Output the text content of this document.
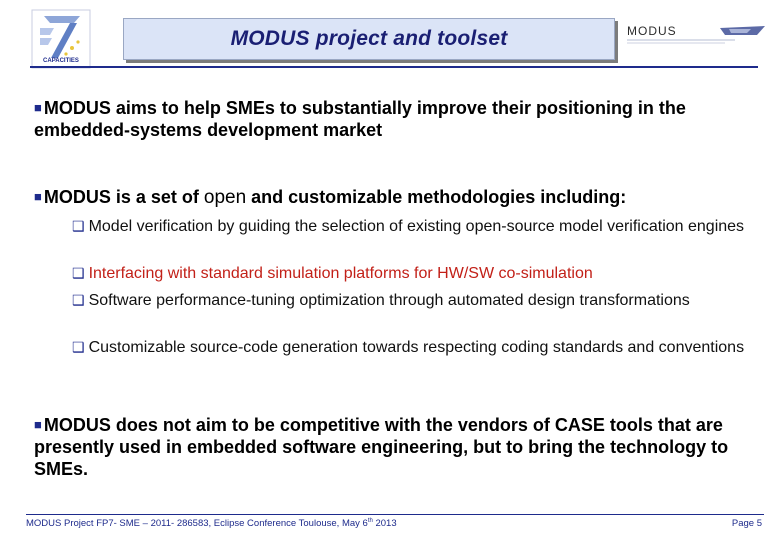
CAPACITIES
MODUS project and toolset	MODUS
■ MODUS aims to help SMEs to substantially improve their positioning in the embedded-systems development market
■ MODUS is a set of open and customizable methodologies including:
❑ Model verification by guiding the selection of existing open-source model verification engines
❑ Interfacing with standard simulation platforms for HW/SW co-simulation
❑ Software performance-tuning optimization through automated design transformations
❑ Customizable source-code generation towards respecting coding standards and conventions
■ MODUS does not aim to be competitive with the vendors of CASE tools that are presently used in embedded software engineering, but to bring the technology to SMEs.
MODUS Project FP7- SME – 2011- 286583, Eclipse Conference Toulouse, May 6th 2013	Page 5
